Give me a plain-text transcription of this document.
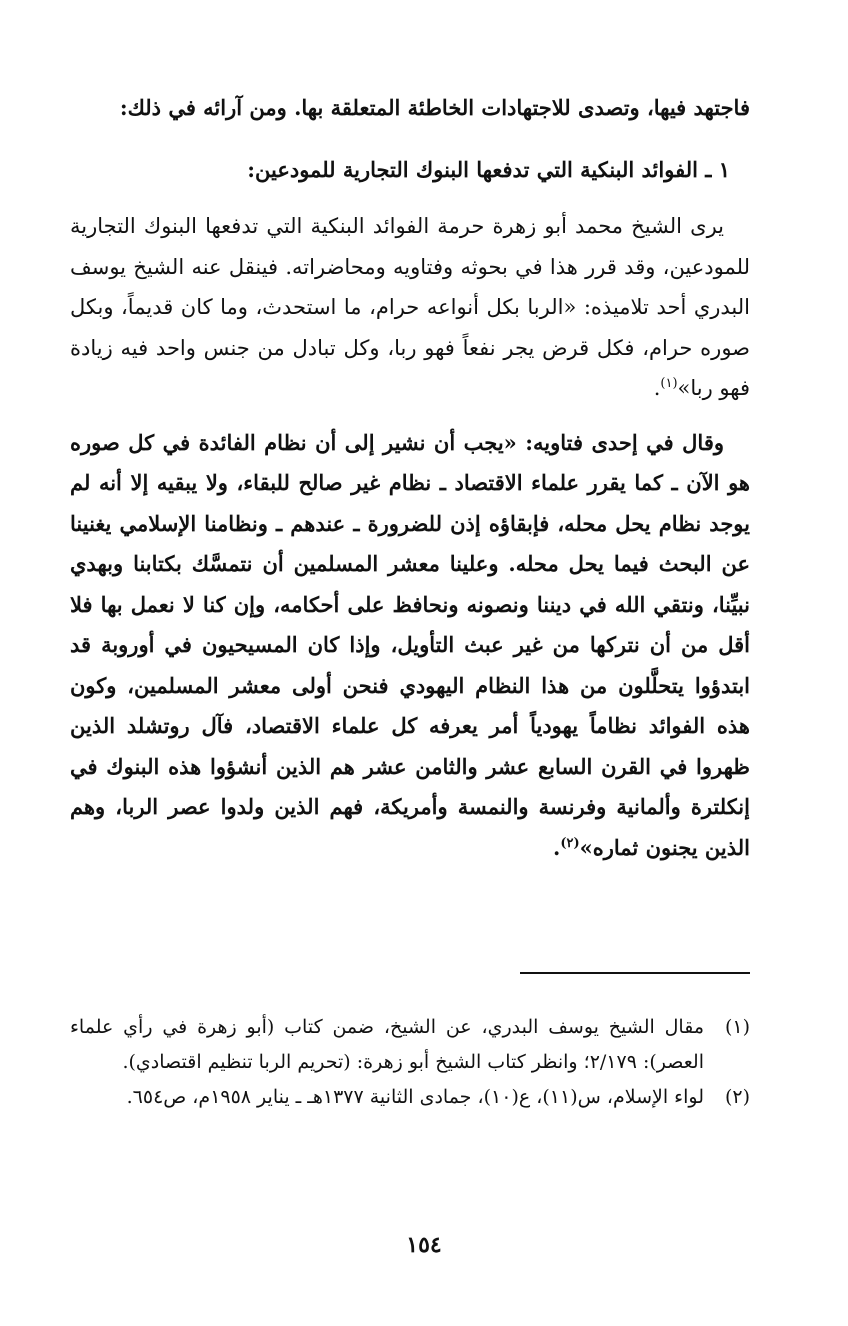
فاجتهد فيها، وتصدى للاجتهادات الخاطئة المتعلقة بها. ومن آرائه في ذلك:

١ ـ الفوائد البنكية التي تدفعها البنوك التجارية للمودعين:

يرى الشيخ محمد أبو زهرة حرمة الفوائد البنكية التي تدفعها البنوك التجارية للمودعين، وقد قرر هذا في بحوثه وفتاويه ومحاضراته. فينقل عنه الشيخ يوسف البدري أحد تلاميذه: «الربا بكل أنواعه حرام، ما استحدث، وما كان قديماً، وبكل صوره حرام، فكل قرض يجر نفعاً فهو ربا، وكل تبادل من جنس واحد فيه زيادة فهو ربا»$^{(١)}$.

وقال في إحدى فتاويه: «يجب أن نشير إلى أن نظام الفائدة في كل صوره هو الآن ـ كما يقرر علماء الاقتصاد ـ نظام غير صالح للبقاء، ولا يبقيه إلا أنه لم يوجد نظام يحل محله، فإبقاؤه إذن للضرورة ـ عندهم ـ ونظامنا الإسلامي يغنينا عن البحث فيما يحل محله. وعلينا معشر المسلمين أن نتمسَّك بكتابنا وبهدي نبيِّنا، ونتقي الله في ديننا ونصونه ونحافظ على أحكامه، وإن كنا لا نعمل بها فلا أقل من أن نتركها من غير عبث التأويل، وإذا كان المسيحيون في أوروبة قد ابتدؤوا يتحلَّلون من هذا النظام اليهودي فنحن أولى معشر المسلمين، وكون هذه الفوائد نظاماً يهودياً أمر يعرفه كل علماء الاقتصاد، فآل روتشلد الذين ظهروا في القرن السابع عشر والثامن عشر هم الذين أنشؤوا هذه البنوك في إنكلترة وألمانية وفرنسة والنمسة وأمريكة، فهم الذين ولدوا عصر الربا، وهم الذين يجنون ثماره»$^{(٢)}$.

(١)
مقال الشيخ يوسف البدري، عن الشيخ، ضمن كتاب (أبو زهرة في رأي علماء العصر): ٢/١٧٩؛ وانظر كتاب الشيخ أبو زهرة: (تحريم الربا تنظيم اقتصادي).
(٢)
لواء الإسلام، س(١١)، ع(١٠)، جمادى الثانية ١٣٧٧هـ ـ يناير ١٩٥٨م، ص٦٥٤.
١٥٤
